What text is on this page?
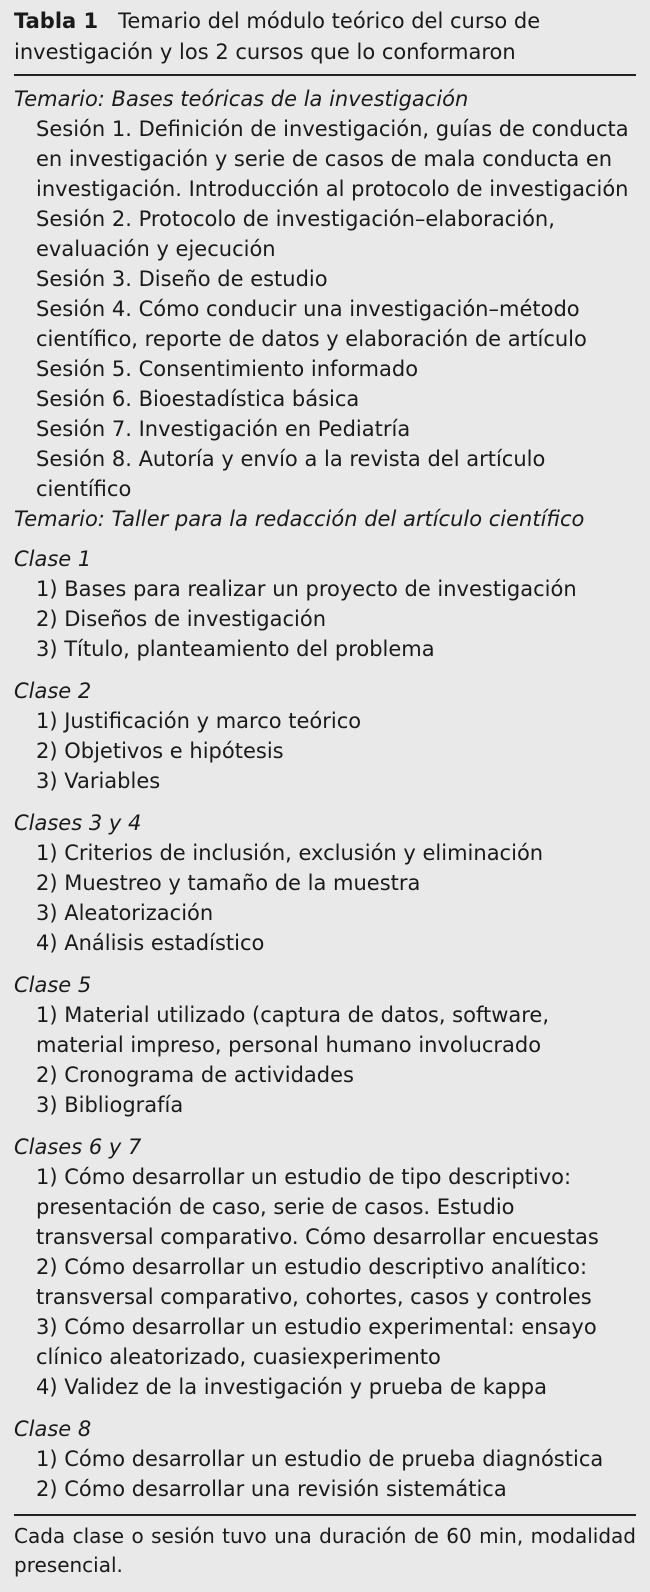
Tabla 1 Temario del módulo teórico del curso de investigación y los 2 cursos que lo conformaron

Temario: Bases teóricas de la investigación

Sesión 1. Definición de investigación, guías de conducta en investigación y serie de casos de mala conducta en investigación. Introducción al protocolo de investigación
Sesión 2. Protocolo de investigación–elaboración, evaluación y ejecución
Sesión 3. Diseño de estudio
Sesión 4. Cómo conducir una investigación–método científico, reporte de datos y elaboración de artículo
Sesión 5. Consentimiento informado
Sesión 6. Bioestadística básica
Sesión 7. Investigación en Pediatría
Sesión 8. Autoría y envío a la revista del artículo científico

Temario: Taller para la redacción del artículo científico

Clase 1

1) Bases para realizar un proyecto de investigación
2) Diseños de investigación
3) Título, planteamiento del problema

Clase 2

1) Justificación y marco teórico
2) Objetivos e hipótesis
3) Variables

Clases 3 y 4

1) Criterios de inclusión, exclusión y eliminación
2) Muestreo y tamaño de la muestra
3) Aleatorización
4) Análisis estadístico

Clase 5

1) Material utilizado (captura de datos, software, material impreso, personal humano involucrado
2) Cronograma de actividades
3) Bibliografía

Clases 6 y 7

1) Cómo desarrollar un estudio de tipo descriptivo: presentación de caso, serie de casos. Estudio transversal comparativo. Cómo desarrollar encuestas
2) Cómo desarrollar un estudio descriptivo analítico: transversal comparativo, cohortes, casos y controles
3) Cómo desarrollar un estudio experimental: ensayo clínico aleatorizado, cuasiexperimento
4) Validez de la investigación y prueba de kappa

Clase 8

1) Cómo desarrollar un estudio de prueba diagnóstica
2) Cómo desarrollar una revisión sistemática

Cada clase o sesión tuvo una duración de 60 min, modalidad presencial.
